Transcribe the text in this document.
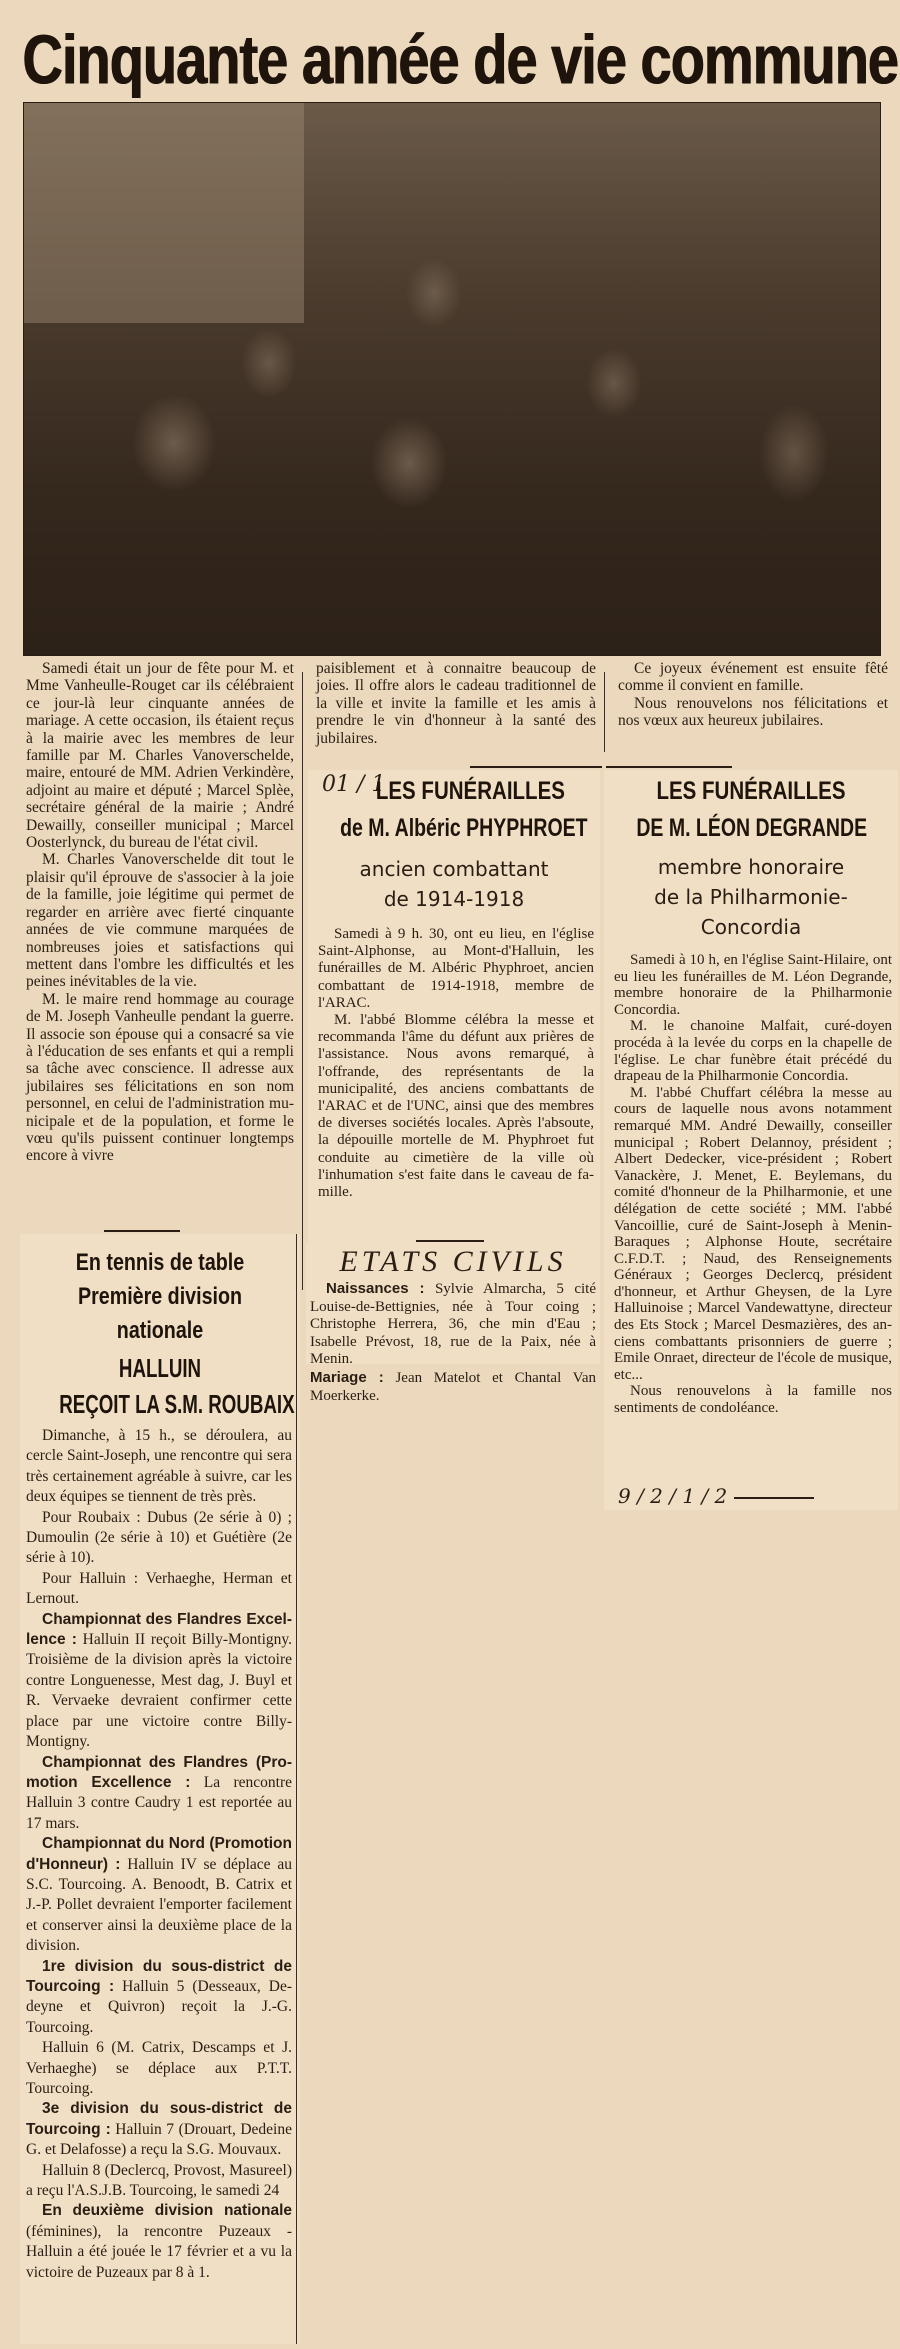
Cinquante année de vie commune

Samedi était un jour de fête pour M. et Mme Vanheulle-Rouget car ils célébraient ce jour-là leur cinquante années de mariage. A cette occasion, ils étaient reçus à la mairie avec les membres de leur famille par M. Charles Vanoverschelde, maire, entouré de MM. Adrien Verkindère, adjoint au maire et député ; Marcel Splèe, secrétaire général de la mairie ; André Dewailly, conseiller municipal ; Marcel Oosterlynck, du bureau de l'état civil.

M. Charles Vanoverschelde dit tout le plaisir qu'il éprouve de s'associer à la joie de la famille, joie légitime qui permet de regarder en arrière avec fierté cinquante années de vie commune marquées de nombreuses joies et satisfactions qui mettent dans l'ombre les difficultés et les peines inévitables de la vie.

M. le maire rend hommage au courage de M. Joseph Vanheulle pendant la guerre. Il associe son épouse qui a consacré sa vie à l'éducation de ses enfants et qui a rempli sa tâche avec conscience. Il adresse aux jubilaires ses félicitations en son nom personnel, en celui de l'administration municipale et de la population, et forme le vœu qu'ils puissent continuer longtemps encore à vivre

paisiblement et à connaitre beaucoup de joies. Il offre alors le cadeau traditionnel de la ville et invite la famille et les amis à prendre le vin d'honneur à la santé des jubilaires.

Ce joyeux événement est ensuite fêté comme il convient en famille.

Nous renouvelons nos félicitations et nos vœux aux heureux jubilaires.

En tennis de table
Première division
nationale
HALLUIN
REÇOIT LA S.M. ROUBAIX

Dimanche, à 15 h., se déroulera, au cercle Saint-Joseph, une rencontre qui sera très certainement agréable à suivre, car les deux équipes se tiennent de très près.

Pour Roubaix : Dubus (2e série à 0) ; Dumoulin (2e série à 10) et Guétière (2e série à 10).

Pour Halluin : Verhaeghe, Herman et Lernout.

Championnat des Flandres Excellence : Halluin II reçoit Billy-Montigny. Troisième de la division après la victoire contre Longuenesse, Mest dag, J. Buyl et R. Vervaeke devraient confirmer cette place par une victoire contre Billy-Montigny.

Championnat des Flandres (Promotion Excellence : La rencontre Halluin 3 contre Caudry 1 est reportée au 17 mars.

Championnat du Nord (Promotion d'Honneur) : Halluin IV se déplace au S.C. Tourcoing. A. Benoodt, B. Catrix et J.-P. Pollet devraient l'emporter facilement et conserver ainsi la deuxième place de la division.

1re division du sous-district de Tourcoing : Halluin 5 (Desseaux, Dedeyne et Quivron) reçoit la J.-G. Tourcoing.

Halluin 6 (M. Catrix, Descamps et J. Verhaeghe) se déplace aux P.T.T. Tourcoing.

3e division du sous-district de Tourcoing : Halluin 7 (Drouart, Dedeine G. et Delafosse) a reçu la S.G. Mouvaux.

Halluin 8 (Declercq, Provost, Masureel) a reçu l'A.S.J.B. Tourcoing, le samedi 24

En deuxième division nationale (féminines), la rencontre Puzeaux - Halluin a été jouée le 17 février et a vu la victoire de Puzeaux par 8 à 1.

01 / 1
LES FUNÉRAILLES
de M. Albéric PHYPHROET
ancien combattant
de 1914-1918

Samedi à 9 h. 30, ont eu lieu, en l'église Saint-Alphonse, au Mont-d'Halluin, les funérailles de M. Albéric Phyphroet, ancien combattant de 1914-1918, membre de l'ARAC.

M. l'abbé Blomme célébra la messe et recommanda l'âme du défunt aux prières de l'assistance. Nous avons remarqué, à l'offrande, des représentants de la municipalité, des anciens combattants de l'ARAC et de l'UNC, ainsi que des membres de diverses sociétés locales. Après l'absoute, la dépouille mortelle de M. Phyphroet fut conduite au cimetière de la ville où l'inhumation s'est faite dans le caveau de famille.

ETATS CIVILS

Naissances : Sylvie Almarcha, 5 cité Louise-de-Bettignies, née à Tour coing ; Christophe Herrera, 36, che min d'Eau ; Isabelle Prévost, 18, rue de la Paix, née à Menin.

Mariage : Jean Matelot et Chantal Van Moerkerke.

LES FUNÉRAILLES
DE M. LÉON DEGRANDE
membre honoraire
de la Philharmonie-
Concordia

Samedi à 10 h, en l'église Saint-Hilaire, ont eu lieu les funérailles de M. Léon Degrande, membre honoraire de la Philharmonie Concordia.

M. le chanoine Malfait, curé-doyen procéda à la levée du corps en la chapelle de l'église. Le char funèbre était précédé du drapeau de la Philharmonie Concordia.

M. l'abbé Chuffart célébra la messe au cours de laquelle nous avons notamment remarqué MM. André Dewailly, conseiller municipal ; Robert Delannoy, président ; Albert Dedecker, vice-président ; Robert Vanackère, J. Menet, E. Beylemans, du comité d'honneur de la Philharmonie, et une délégation de cette société ; MM. l'abbé Vancoillie, curé de Saint-Joseph à Menin-Baraques ; Alphonse Houte, secrétaire C.F.D.T. ; Naud, des Renseignements Généraux ; Georges Declercq, président d'honneur, et Arthur Gheysen, de la Lyre Halluinoise ; Marcel Vandewattyne, directeur des Ets Stock ; Marcel Desmazières, des anciens combattants prisonniers de guerre ; Emile Onraet, directeur de l'école de musique, etc...

Nous renouvelons à la famille nos sentiments de condoléance.

9 / 2 / 1 / 2
